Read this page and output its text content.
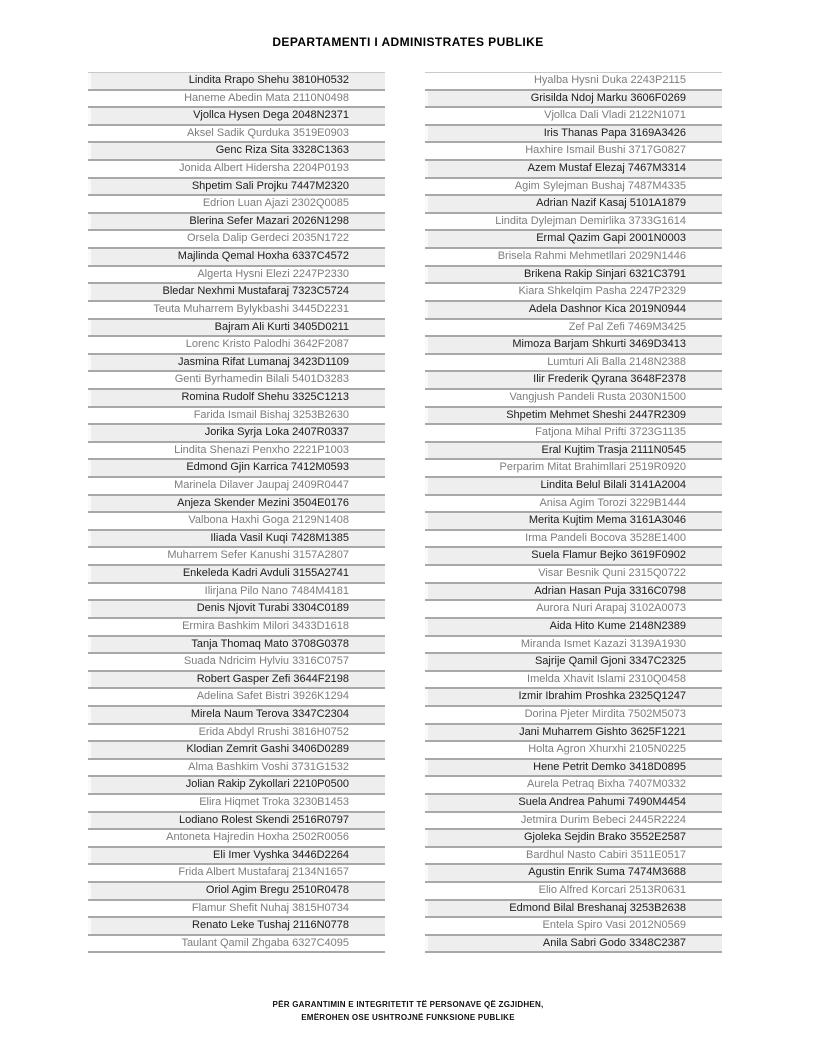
DEPARTAMENTI I ADMINISTRATES PUBLIKE
Lindita Rrapo Shehu 3810H0532
Haneme Abedin Mata 2110N0498
Vjollca Hysen Dega 2048N2371
Aksel Sadik Qurduka 3519E0903
Genc Riza Sita 3328C1363
Jonida Albert Hidersha 2204P0193
Shpetim Sali Projku 7447M2320
Edrion Luan Ajazi 2302Q0085
Blerina Sefer Mazari 2026N1298
Orsela Dalip Gerdeci 2035N1722
Majlinda Qemal Hoxha 6337C4572
Algerta Hysni Elezi 2247P2330
Bledar Nexhmi Mustafaraj 7323C5724
Teuta Muharrem Bylykbashi 3445D2231
Bajram Ali Kurti 3405D0211
Lorenc Kristo Palodhi 3642F2087
Jasmina Rifat Lumanaj 3423D1109
Genti Byrhamedin Bilali 5401D3283
Romina Rudolf Shehu 3325C1213
Farida Ismail Bishaj 3253B2630
Jorika Syrja Loka 2407R0337
Lindita Shenazi Penxho 2221P1003
Edmond Gjin Karrica 7412M0593
Marinela Dilaver Jaupaj 2409R0447
Anjeza Skender Mezini 3504E0176
Valbona Haxhi Goga 2129N1408
Iliada Vasil Kuqi 7428M1385
Muharrem Sefer Kanushi 3157A2807
Enkeleda Kadri Avduli 3155A2741
Ilirjana Pilo Nano 7484M4181
Denis Njovit Turabi 3304C0189
Ermira Bashkim Milori 3433D1618
Tanja Thomaq Mato 3708G0378
Suada Ndricim Hylviu 3316C0757
Robert Gasper Zefi 3644F2198
Adelina Safet Bistri 3926K1294
Mirela Naum Terova 3347C2304
Erida Abdyl Rrushi 3816H0752
Klodian Zemrit Gashi 3406D0289
Alma Bashkim Voshi 3731G1532
Jolian Rakip Zykollari 2210P0500
Elira Hiqmet Troka 3230B1453
Lodiano Rolest Skendi 2516R0797
Antoneta Hajredin Hoxha 2502R0056
Eli Imer Vyshka 3446D2264
Frida Albert Mustafaraj 2134N1657
Oriol Agim Bregu 2510R0478
Flamur Shefit Nuhaj 3815H0734
Renato Leke Tushaj 2116N0778
Taulant Qamil Zhgaba 6327C4095
Hyalba Hysni Duka 2243P2115
Grisilda Ndoj Marku 3606F0269
Vjollca Dali Vladi 2122N1071
Iris Thanas Papa 3169A3426
Haxhire Ismail Bushi 3717G0827
Azem Mustaf Elezaj 7467M3314
Agim Sylejman Bushaj 7487M4335
Adrian Nazif Kasaj 5101A1879
Lindita Dylejman Demirlika 3733G1614
Ermal Qazim Gapi 2001N0003
Brisela Rahmi Mehmetllari 2029N1446
Brikena Rakip Sinjari 6321C3791
Kiara Shkelqim Pasha 2247P2329
Adela Dashnor Kica 2019N0944
Zef Pal Zefi 7469M3425
Mimoza Barjam Shkurti 3469D3413
Lumturi Ali Balla 2148N2388
Ilir Frederik Qyrana 3648F2378
Vangjush Pandeli Rusta 2030N1500
Shpetim Mehmet Sheshi 2447R2309
Fatjona Mihal Prifti 3723G1135
Eral Kujtim Trasja 2111N0545
Perparim Mitat Brahimllari 2519R0920
Lindita Belul Bilali 3141A2004
Anisa Agim Torozi 3229B1444
Merita Kujtim Mema 3161A3046
Irma Pandeli Bocova 3528E1400
Suela Flamur Bejko 3619F0902
Visar Besnik Quni 2315Q0722
Adrian Hasan Puja 3316C0798
Aurora Nuri Arapaj 3102A0073
Aida Hito Kume 2148N2389
Miranda Ismet Kazazi 3139A1930
Sajrije Qamil Gjoni 3347C2325
Imelda Xhavit Islami 2310Q0458
Izmir Ibrahim Proshka 2325Q1247
Dorina Pjeter Mirdita 7502M5073
Jani Muharrem Gishto 3625F1221
Holta Agron Xhurxhi 2105N0225
Hene Petrit Demko 3418D0895
Aurela Petraq Bixha 7407M0332
Suela Andrea Pahumi 7490M4454
Jetmira Durim Bebeci 2445R2224
Gjoleka Sejdin Brako 3552E2587
Bardhul Nasto Cabiri 3511E0517
Agustin Enrik Suma 7474M3688
Elio Alfred Korcari 2513R0631
Edmond Bilal Breshanaj 3253B2638
Entela Spiro Vasi 2012N0569
Anila Sabri Godo 3348C2387
PËR GARANTIMIN E INTEGRITETIT TË PERSONAVE QË ZGJIDHEN,
EMËROHEN OSE USHTROJNË FUNKSIONE PUBLIKE
